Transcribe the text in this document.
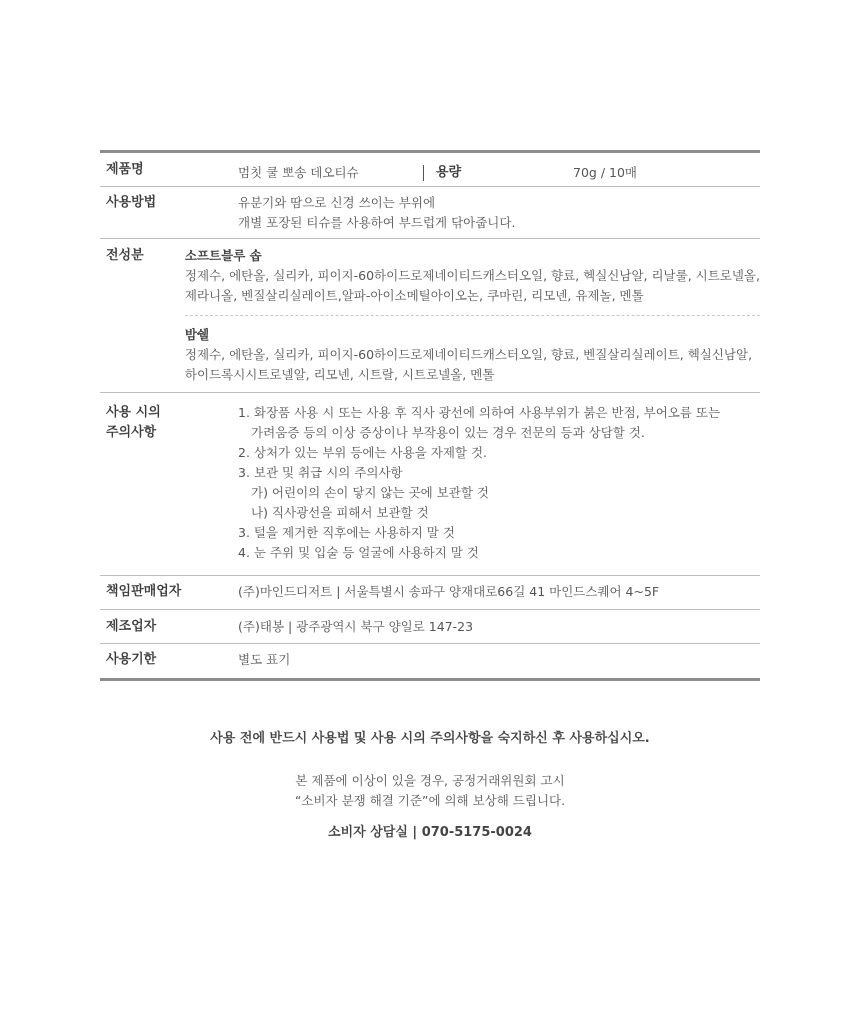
제품명	멈칫 쿨 뽀송 데오티슈	용량	70g / 10매
사용방법	유분기와 땀으로 신경 쓰이는 부위에
개별 포장된 티슈를 사용하여 부드럽게 닦아줍니다.
전성분	소프트블루 솝
정제수, 에탄올, 실리카, 피이지-60하이드로제네이티드캐스터오일, 향료, 헥실신남알, 리날룰, 시트로넬올,
제라니올, 벤질살리실레이트,알파-아이소메틸아이오논, 쿠마린, 리모넨, 유제놀, 멘톨
밤쉘
정제수, 에탄올, 실리카, 피이지-60하이드로제네이티드캐스터오일, 향료, 벤질살리실레이트, 헥실신남알,
하이드록시시트로넬알, 리모넨, 시트랄, 시트로넬올, 멘톨
사용 시의
주의사항
1. 화장품 사용 시 또는 사용 후 직사 광선에 의하여 사용부위가 붉은 반점, 부어오름 또는
가려움증 등의 이상 증상이나 부작용이 있는 경우 전문의 등과 상담할 것.
2. 상처가 있는 부위 등에는 사용을 자제할 것.
3. 보관 및 취급 시의 주의사항
가) 어린이의 손이 닿지 않는 곳에 보관할 것
나) 직사광선을 피해서 보관할 것
3. 털을 제거한 직후에는 사용하지 말 것
4. 눈 주위 및 입술 등 얼굴에 사용하지 말 것
책임판매업자	(주)마인드디저트 | 서울특별시 송파구 양재대로66길 41 마인드스퀘어 4~5F
제조업자	(주)태봉 | 광주광역시 북구 양일로 147-23
사용기한	별도 표기
사용 전에 반드시 사용법 및 사용 시의 주의사항을 숙지하신 후 사용하십시오.
본 제품에 이상이 있을 경우, 공정거래위원회 고시
“소비자 분쟁 해결 기준”에 의해 보상해 드립니다.
소비자 상담실 | 070-5175-0024
